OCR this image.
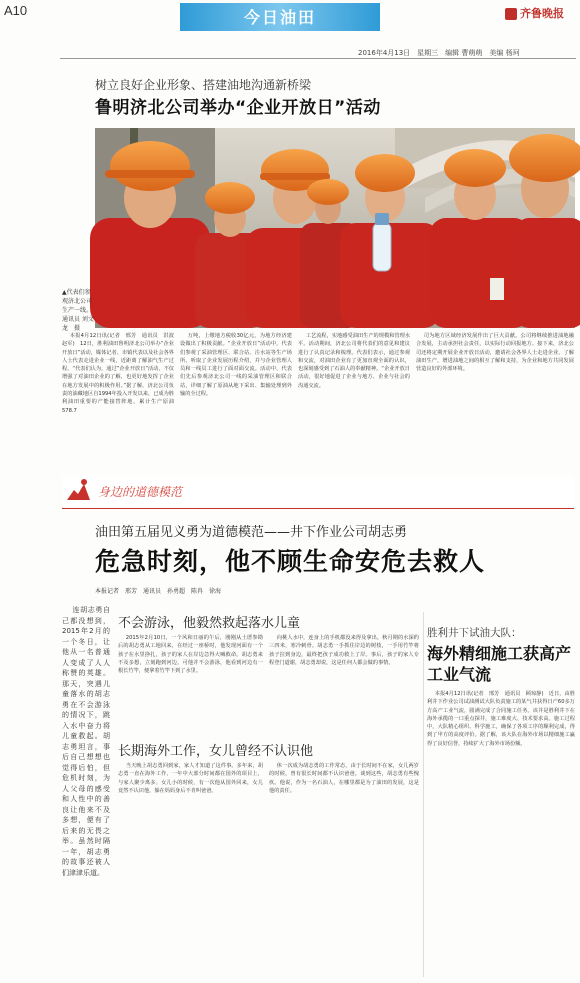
A10	今日油田	齐鲁晚报
2016年4月13日　星期三　编辑 曹萌萌　美编 杨珂
树立良好企业形象、搭建油地沟通新桥梁
鲁明济北公司举办“企业开放日”活动
▲代表们参观济北公司生产一线。　通讯员 刘文龙　摄
本报4月12日讯(记者　邢芳　通讯员　洪波　赵军)　12日，胜利油田鲁明济北公司举办“企业开放日”活动，媒体记者、市镇代表以及社会各界人士代表走进企业一线，近距离了解油气生产过程。“代表们认为，通过“企业开放日”活动，不仅增强了对油田企业的了解，也更好地发挥了企业在地方发展中的积极作用。”据了解，济北公司负责的油藏地区自1994年投入开发以来，已成为胜利油田重要的产能接替阵地，累计生产原油578.7
万吨，上缴地方税收30亿元，为地方经济建设做出了积极贡献。“企业开放日”活动中，代表们参观了采油管理区、联合站、注水站等生产场所，听取了企业发展历程介绍，并与企业管理人员和一线员工进行了面对面交流。活动中，代表们先后参观济北公司一线的采油管理区和联合站，详细了解了原油从地下采出、集输处理到外输的全过程。
工艺流程，实地感受油田生产的规模和管理水平。活动期间，济北公司将代表们的意见和建议进行了认真记录和梳理。代表们表示，通过参观和交流，对油田企业有了更加直观全面的认识，也深刻感受到了石油人的奉献精神。“企业开放日活动，很好地促进了企业与地方、企业与社会的沟通交流。
司为地方区域经济发展作出了巨大贡献。公司将继续推进油地融合发展，主动承担社会责任，以实际行动回报地方。接下来，济北公司还将定期开展企业开放日活动，邀请社会各界人士走进企业，了解油田生产，增进油地之间的相互了解和支持，为企业和地方共同发展营造良好的外部环境。
身边的道德模范
油田第五届见义勇为道德模范——井下作业公司胡志勇
危急时刻，他不顾生命安危去救人
本报记者　邢芳　通讯员　孙勇超　陈冉　徐海
连胡志勇自己都没想到，2015年2月的一个冬日，让他从一名普通人变成了人人称赞的英雄。那天，突遇儿童落水的胡志勇在不会游泳的情况下，跳入水中奋力将儿童救起。胡志勇坦言，事后自己想想也觉得后怕，但危机时刻，为人父母的感受和人性中的善良让他来不及多想，便有了后来的无畏之举。虽然时隔一年，胡志勇的故事还被人们津津乐道。
不会游泳，他毅然救起落水儿童
2015年2月10日，一个风和日丽的午后，刚刚从土厝参勘后的胡志勇从工地回来，在经过一座桥时，他发现河面有一个孩子在水里挣扎，孩子的家人在岸边急得大喊救命。胡志勇来不及多想，立刻跑到河边。可他并不会游泳，他看到河边有一根长竹竿，便拿着竹竿下到了水里。
向桃人水中，连身上的手机都没来得及拿出。秋月期的水深约三四米，寒冷刺骨。胡志勇一手抓住岸边的树枝，一手用竹竿将孩子拉到身边，最终把孩子成功救上了岸。事后，孩子的家人专程登门道谢，胡志勇却说，这是任何人都会做的事情。
长期海外工作，女儿曾经不认识他
当天晚上胡志勇回到家，家人才知道了这件事。多年来，胡志勇一直在海外工作，一年中大部分时间都在国外的项目上，与家人聚少离多。女儿小的时候，有一次他从国外回来，女儿竟然不认识他，躲在妈妈身后不肯叫爸爸。
休一次成为胡志勇的工作常态，由于长时间不在家，女儿两岁的时候，曾有很长时间都不认识爸爸。谈到这些，胡志勇有些愧疚。他说，作为一名石油人，在哪里都是为了油田的发展，这是他的责任。
胜利井下试油大队：
海外精细施工获高产工业气流
本报4月12日讯(记者　邢芳　通讯员　顾琼静)　近日，由胜利井下作业公司试油测试大队负责施工的某气井获得日产60多万方高产工业气流，圆满完成了合同施工任务。该井是胜利井下在海外承揽的一口重点探井，施工难度大、技术要求高。施工过程中，大队精心组织、科学施工，确保了各项工序的顺利完成，得到了甲方的高度评价。据了解，该大队在海外市场以精细施工赢得了良好信誉，持续扩大了海外市场份额。
